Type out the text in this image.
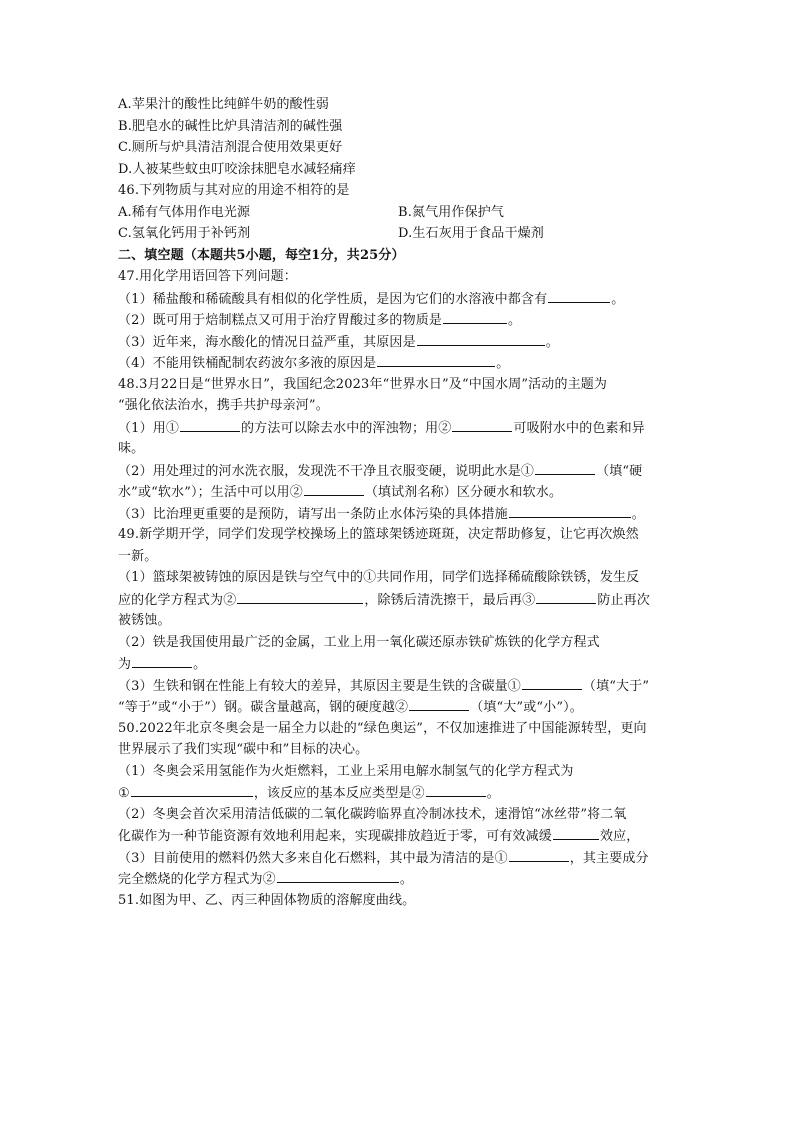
A.苹果汁的酸性比纯鲜牛奶的酸性弱
B.肥皂水的碱性比炉具清洁剂的碱性强
C.厕所与炉具清洁剂混合使用效果更好
D.人被某些蚊虫叮咬涂抹肥皂水减轻痛痒
46.下列物质与其对应的用途不相符的是
A.稀有气体用作电光源	B.氮气用作保护气
C.氢氧化钙用于补钙剂	D.生石灰用于食品干燥剂
二、填空题（本题共5小题，每空1分，共25分）
47.用化学用语回答下列问题：
（1）稀盐酸和稀硫酸具有相似的化学性质，是因为它们的水溶液中都含有	。
（2）既可用于焙制糕点又可用于治疗胃酸过多的物质是	。
（3）近年来，海水酸化的情况日益严重，其原因是	。
（4）不能用铁桶配制农药波尔多液的原因是	。
48.3月22日是“世界水日”，我国纪念2023年“世界水日”及“中国水周”活动的主题为
“强化依法治水，携手共护母亲河”。
（1）用①	的方法可以除去水中的浑浊物；用②	可吸附水中的色素和异
味。
（2）用处理过的河水洗衣服，发现洗不干净且衣服变硬，说明此水是①	（填“硬
水”或“软水”）；生活中可以用②	（填试剂名称）区分硬水和软水。
（3）比治理更重要的是预防，请写出一条防止水体污染的具体措施	。
49.新学期开学，同学们发现学校操场上的篮球架锈迹斑斑，决定帮助修复，让它再次焕然
一新。
（1）篮球架被铸蚀的原因是铁与空气中的①共同作用，同学们选择稀硫酸除铁锈，发生反
应的化学方程式为②	，除锈后清洗擦干，最后再③	防止再次
被锈蚀。
（2）铁是我国使用最广泛的金属，工业上用一氧化碳还原赤铁矿炼铁的化学方程式
为	。
（3）生铁和钢在性能上有较大的差异，其原因主要是生铁的含碳量①	（填“大于”
“等于”或“小于”）钢。碳含量越高，钢的硬度越②	（填“大”或“小”）。
50.2022年北京冬奥会是一届全力以赴的“绿色奥运”，不仅加速推进了中国能源转型，更向
世界展示了我们实现“碳中和”目标的决心。
（1）冬奥会采用氢能作为火炬燃料，工业上采用电解水制氢气的化学方程式为
①	，该反应的基本反应类型是②	。
（2）冬奥会首次采用清洁低碳的二氧化碳跨临界直冷制冰技术，速滑馆“冰丝带”将二氧
化碳作为一种节能资源有效地利用起来，实现碳排放趋近于零，可有效减缓	效应，
（3）目前使用的燃料仍然大多来自化石燃料，其中最为清洁的是①	，其主要成分
完全燃烧的化学方程式为②	。
51.如图为甲、乙、丙三种固体物质的溶解度曲线。
